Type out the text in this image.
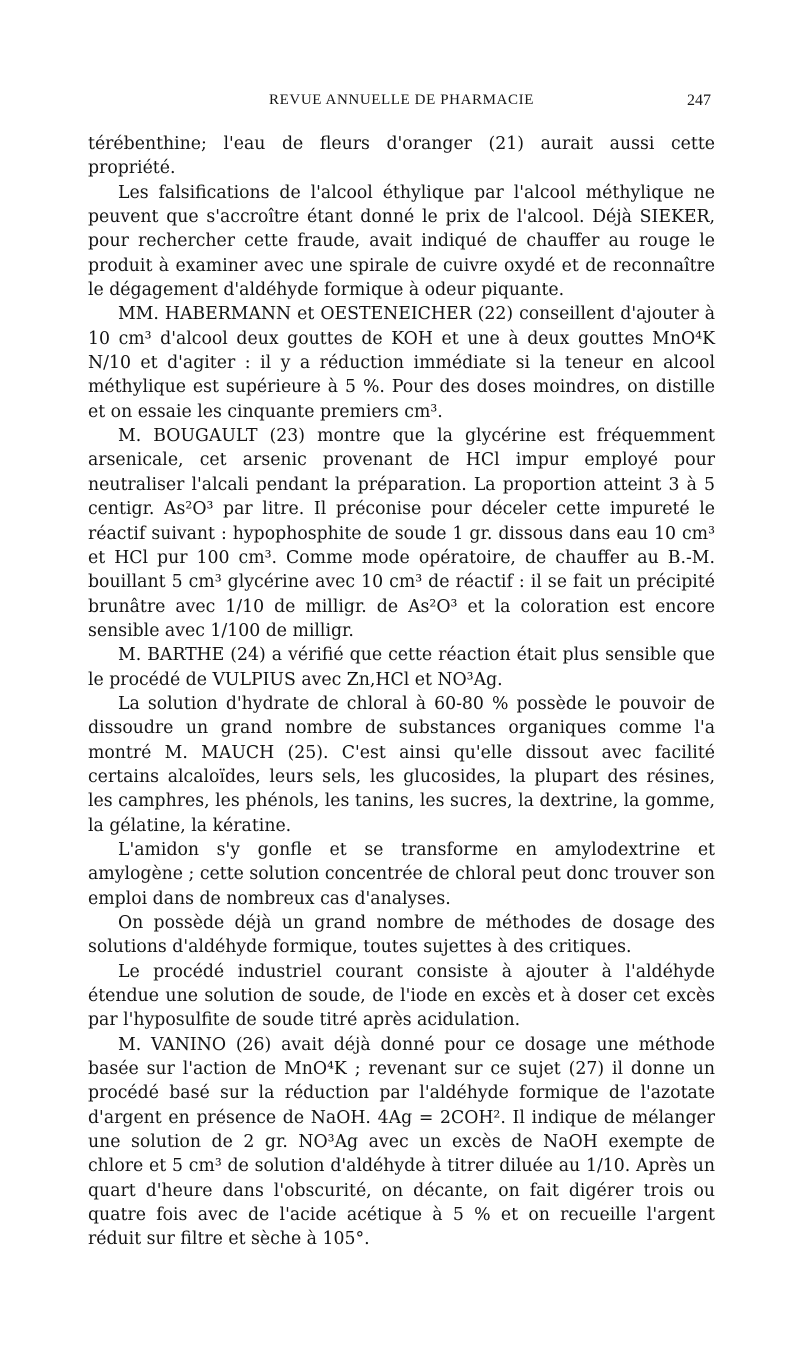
REVUE ANNUELLE DE PHARMACIE	247

térébenthine; l'eau de fleurs d'oranger (21) aurait aussi cette propriété.

Les falsifications de l'alcool éthylique par l'alcool méthylique ne peuvent que s'accroître étant donné le prix de l'alcool. Déjà SIEKER, pour rechercher cette fraude, avait indiqué de chauffer au rouge le produit à examiner avec une spirale de cuivre oxydé et de reconnaître le dégagement d'aldéhyde formique à odeur piquante.

MM. HABERMANN et OESTENEICHER (22) conseillent d'ajouter à 10 cm³ d'alcool deux gouttes de KOH et une à deux gouttes MnO⁴K N/10 et d'agiter : il y a réduction immédiate si la teneur en alcool méthylique est supérieure à 5 %. Pour des doses moindres, on distille et on essaie les cinquante premiers cm³.

M. BOUGAULT (23) montre que la glycérine est fréquemment arsenicale, cet arsenic provenant de HCl impur employé pour neutraliser l'alcali pendant la préparation. La proportion atteint 3 à 5 centigr. As²O³ par litre. Il préconise pour déceler cette impureté le réactif suivant : hypophosphite de soude 1 gr. dissous dans eau 10 cm³ et HCl pur 100 cm³. Comme mode opératoire, de chauffer au B.-M. bouillant 5 cm³ glycérine avec 10 cm³ de réactif : il se fait un précipité brunâtre avec 1/10 de milligr. de As²O³ et la coloration est encore sensible avec 1/100 de milligr.

M. BARTHE (24) a vérifié que cette réaction était plus sensible que le procédé de VULPIUS avec Zn,HCl et NO³Ag.

La solution d'hydrate de chloral à 60-80 % possède le pouvoir de dissoudre un grand nombre de substances organiques comme l'a montré M. MAUCH (25). C'est ainsi qu'elle dissout avec facilité certains alcaloïdes, leurs sels, les glucosides, la plupart des résines, les camphres, les phénols, les tanins, les sucres, la dextrine, la gomme, la gélatine, la kératine.

L'amidon s'y gonfle et se transforme en amylodextrine et amylogène ; cette solution concentrée de chloral peut donc trouver son emploi dans de nombreux cas d'analyses.

On possède déjà un grand nombre de méthodes de dosage des solutions d'aldéhyde formique, toutes sujettes à des critiques.

Le procédé industriel courant consiste à ajouter à l'aldéhyde étendue une solution de soude, de l'iode en excès et à doser cet excès par l'hyposulfite de soude titré après acidulation.

M. VANINO (26) avait déjà donné pour ce dosage une méthode basée sur l'action de MnO⁴K ; revenant sur ce sujet (27) il donne un procédé basé sur la réduction par l'aldéhyde formique de l'azotate d'argent en présence de NaOH. 4Ag = 2COH². Il indique de mélanger une solution de 2 gr. NO³Ag avec un excès de NaOH exempte de chlore et 5 cm³ de solution d'aldéhyde à titrer diluée au 1/10. Après un quart d'heure dans l'obscurité, on décante, on fait digérer trois ou quatre fois avec de l'acide acétique à 5 % et on recueille l'argent réduit sur filtre et sèche à 105°.
